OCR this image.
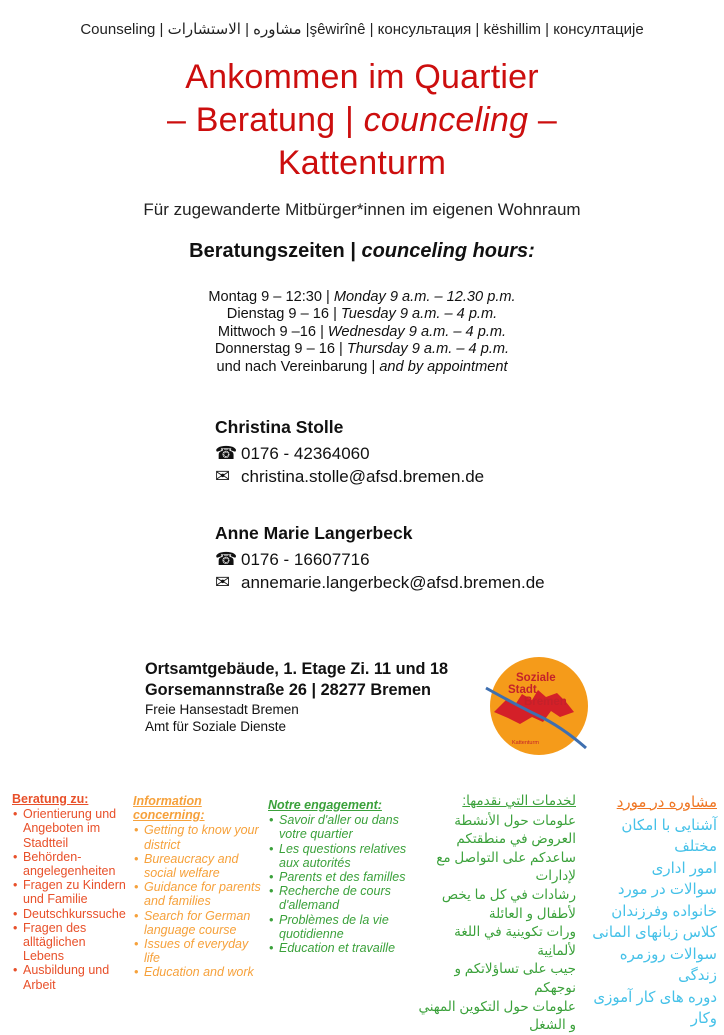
Counseling | الاستشارات | مشاوره |şêwirînê | консультация | këshillim | консултације
Ankommen im Quartier
– Beratung | counceling –
Kattenturm
Für zugewanderte Mitbürger*innen im eigenen Wohnraum
Beratungszeiten | counceling hours:
Montag 9 – 12:30 | Monday 9 a.m. – 12.30 p.m.
Dienstag 9 – 16 | Tuesday 9 a.m. – 4 p.m.
Mittwoch 9 –16 | Wednesday 9 a.m. – 4 p.m.
Donnerstag 9 – 16 | Thursday 9 a.m. – 4 p.m.
und nach Vereinbarung | and by appointment
Christina Stolle
☎ 0176 - 42364060
✉ christina.stolle@afsd.bremen.de
Anne Marie Langerbeck
☎ 0176 - 16607716
✉ annemarie.langerbeck@afsd.bremen.de
Ortsamtgebäude, 1. Etage Zi. 11 und 18
Gorsemannstraße 26 | 28277 Bremen
Freie Hansestadt Bremen
Amt für Soziale Dienste
Soziale
Stadt
Bremen
Kattenturm
Beratung zu:
• Orientierung und Angeboten im Stadtteil
• Behörden-angelegenheiten
• Fragen zu Kindern und Familie
• Deutschkurssuche
• Fragen des alltäglichen Lebens
• Ausbildung und Arbeit
Information concerning:
• Getting to know your district
• Bureaucracy and social welfare
• Guidance for parents and families
• Search for German language course
• Issues of everyday life
• Education and work
Notre engagement:
• Savoir d'aller ou dans votre quartier
• Les questions relatives aux autorités
• Parents et des familles
• Recherche de cours d'allemand
• Problèmes de la vie quotidienne
• Education et travaille
لخدمات التي نقدمها:
علومات حول الأنشطة
العروض في منطقتكم
ساعدكم على التواصل مع
لإدارات
رشادات في كل ما يخص
لأطفال و العائلة
ورات تكوينية في اللغة
لألمانِية
جيب على تساؤلاتكم و نوجهكم
علومات حول التكوين المهني
و الشغل
مشاوره در مورد
آشنایی با امکان مختلف
امور اداری
سوالات در مورد
خانواده وفرزندان
کلاس زبانهای المانی
سوالات روزمره زندگی
دوره های کار آموزی
وکار
